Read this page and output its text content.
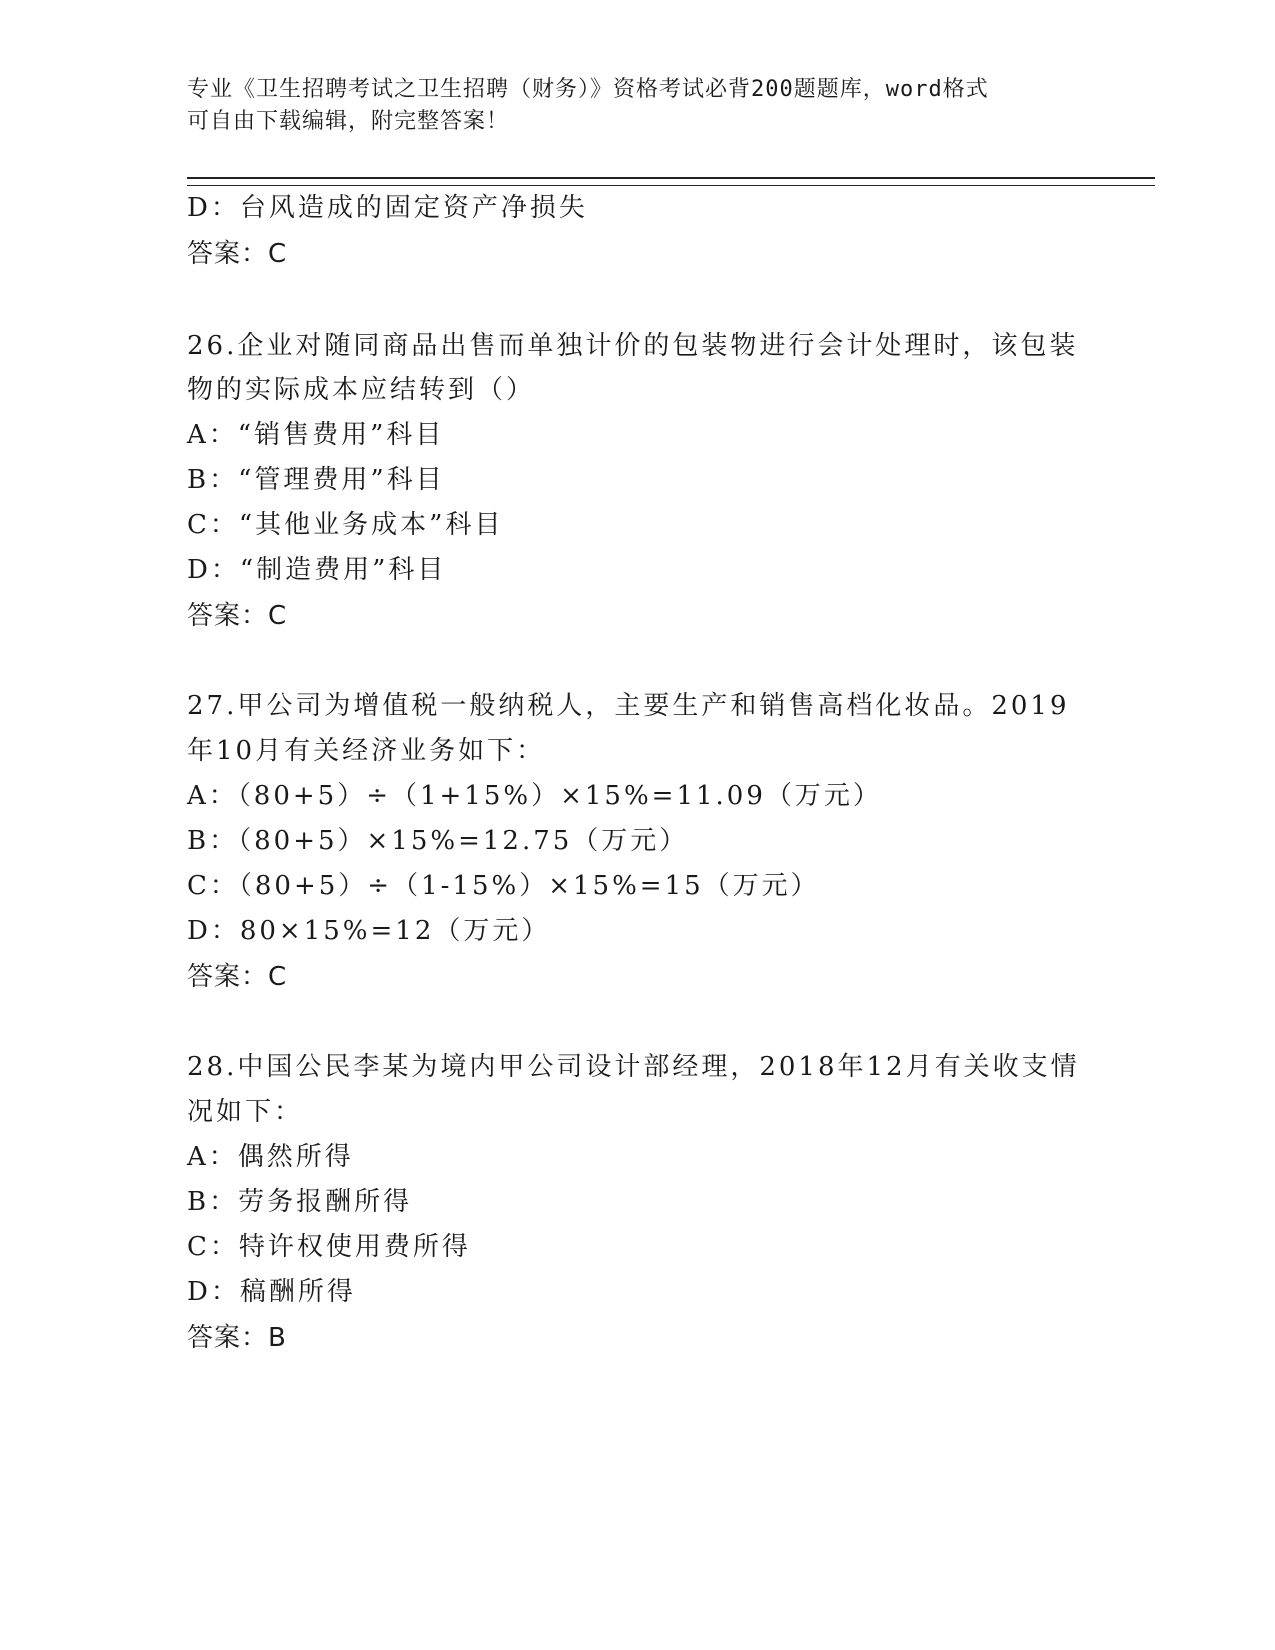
专业《卫生招聘考试之卫生招聘（财务）》资格考试必背200题题库，word格式
可自由下载编辑，附完整答案！
D：台风造成的固定资产净损失
答案：C
26.企业对随同商品出售而单独计价的包装物进行会计处理时，该包装
物的实际成本应结转到（）
A：“销售费用”科目
B：“管理费用”科目
C：“其他业务成本”科目
D：“制造费用”科目
答案：C
27.甲公司为增值税一般纳税人，主要生产和销售高档化妆品。2019
年10月有关经济业务如下：
A：（80+5）÷（1+15%）×15%=11.09（万元）
B：（80+5）×15%=12.75（万元）
C：（80+5）÷（1-15%）×15%=15（万元）
D：80×15%=12（万元）
答案：C
28.中国公民李某为境内甲公司设计部经理，2018年12月有关收支情
况如下：
A：偶然所得
B：劳务报酬所得
C：特许权使用费所得
D：稿酬所得
答案：B
